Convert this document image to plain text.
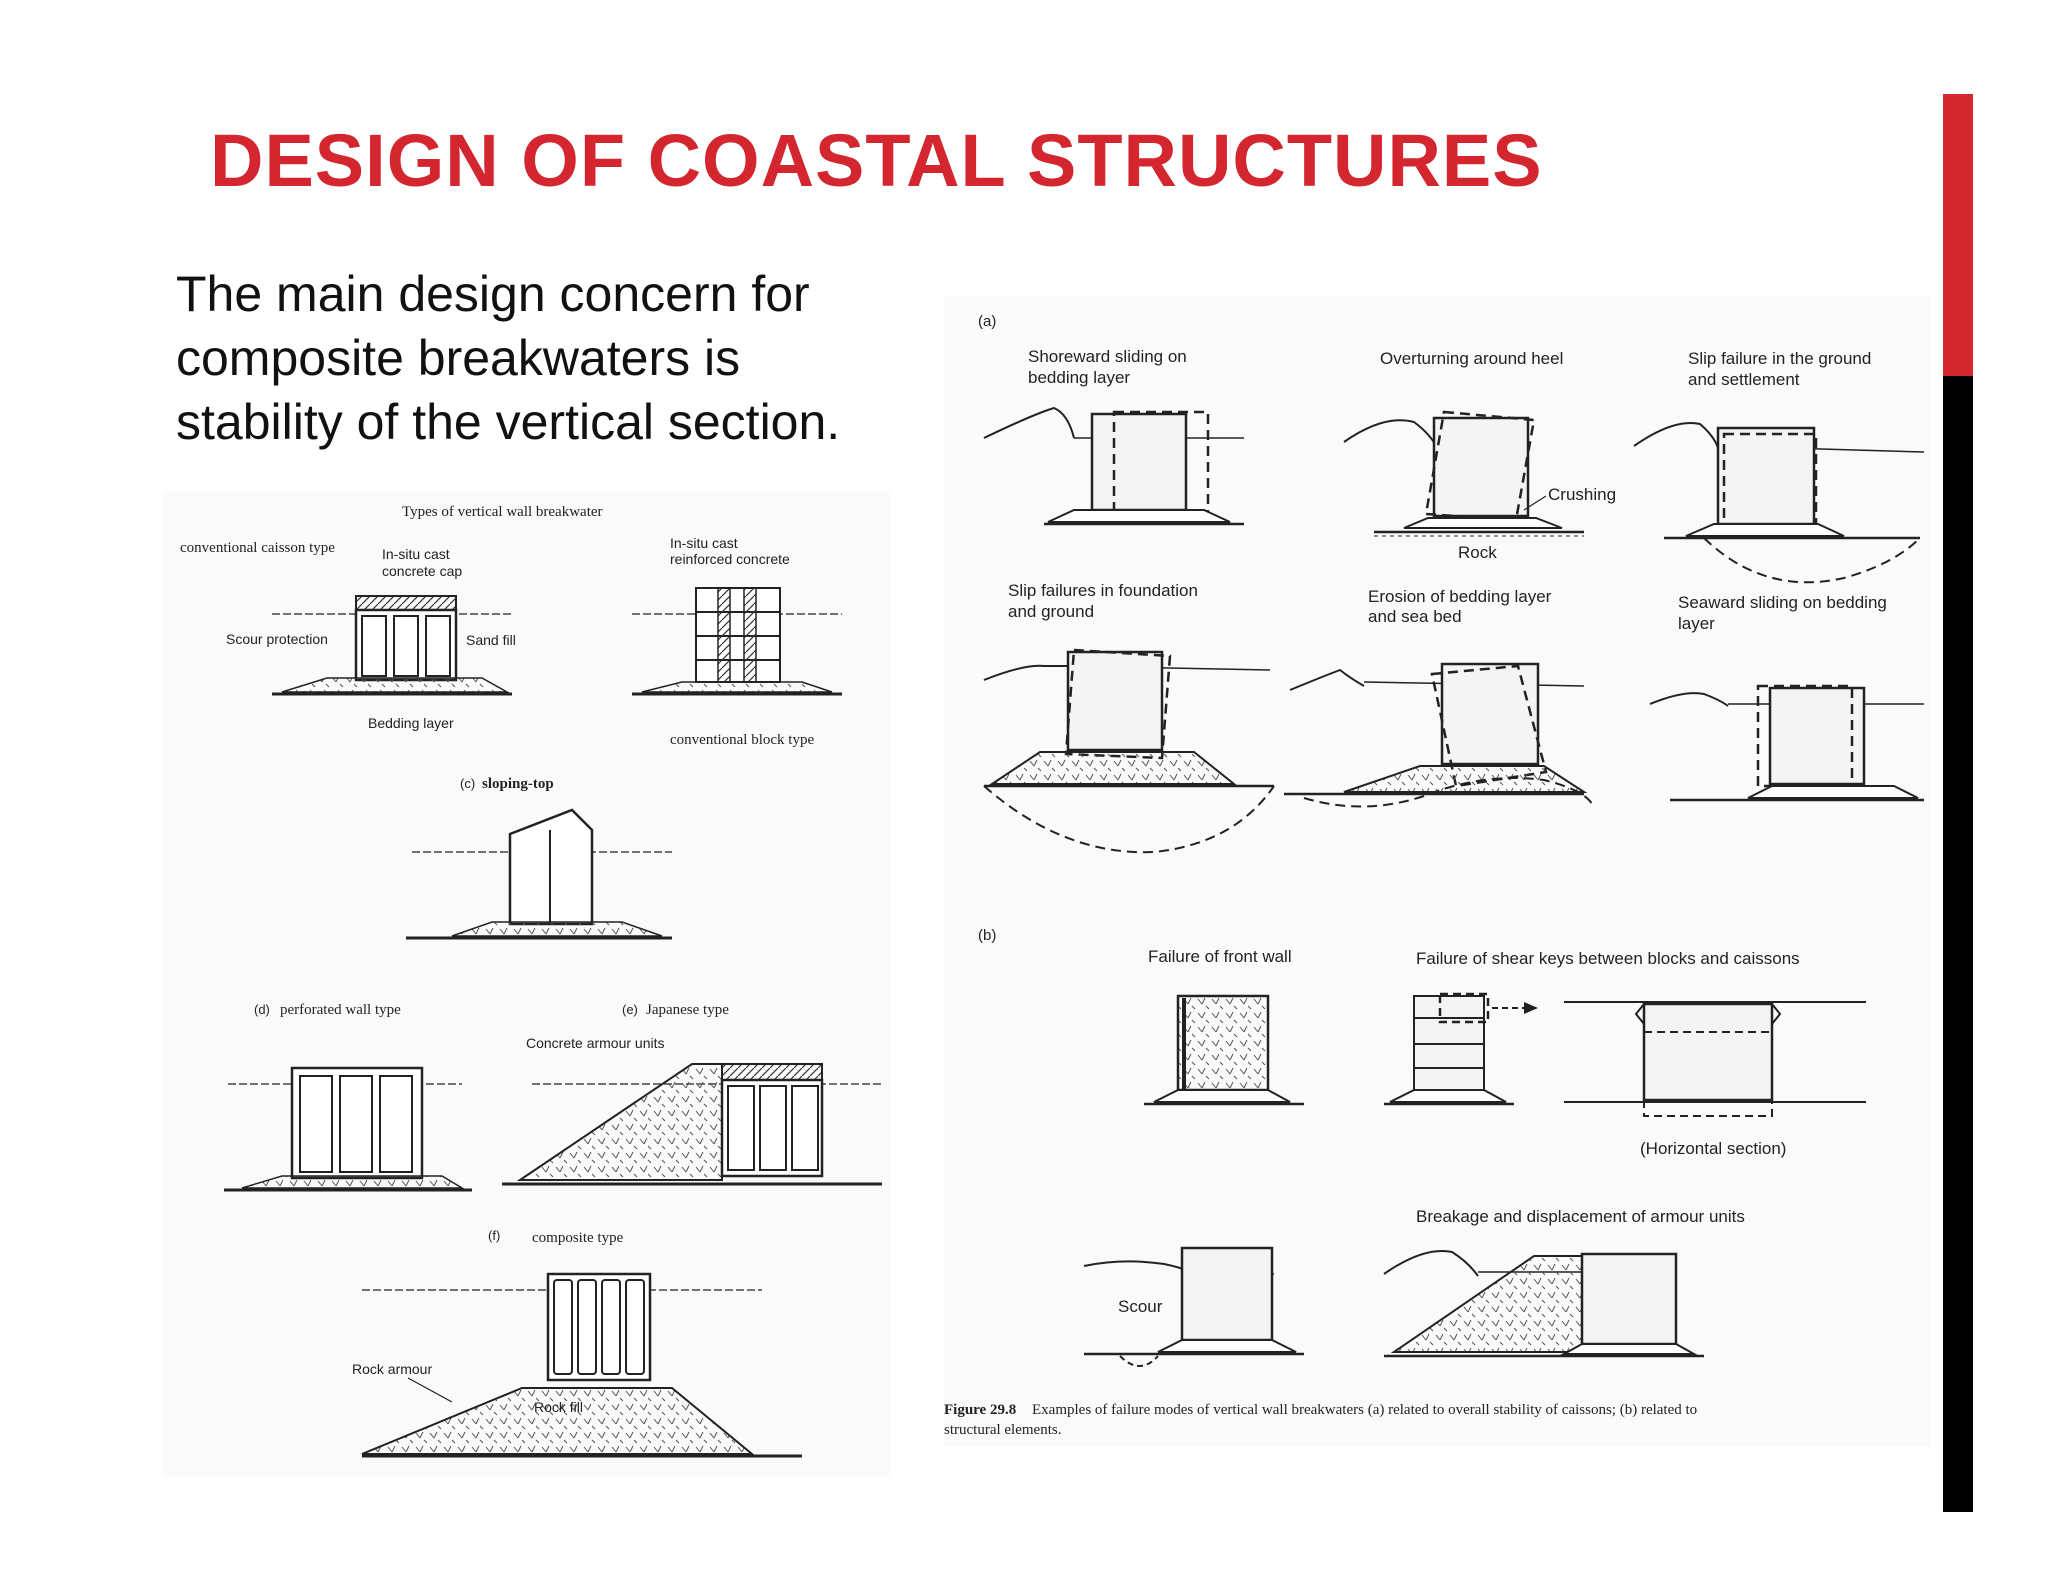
DESIGN OF COASTAL STRUCTURES
The main design concern for
composite breakwaters is
stability of the vertical section.
Types of vertical wall breakwater
conventional caisson type	In-situ cast
concrete cap
Scour protection	Sand fill
Bedding layer
In-situ cast
reinforced concrete
conventional block type
(c) sloping-top
(d) perforated wall type	(e) Japanese type
Concrete armour units
(f) composite type
Rock armour
Rock fill
(a)
Shoreward sliding on
bedding layer
Overturning around heel	Slip failure in the ground
and settlement
Crushing
Rock
Slip failures in foundation
and ground
Erosion of bedding layer
and sea bed
Seaward sliding on bedding
layer
(b)
Failure of front wall	Failure of shear keys between blocks and caissons
(Horizontal section)
Breakage and displacement of armour units
Scour
Figure 29.8 Examples of failure modes of vertical wall breakwaters (a) related to overall stability of caissons; (b) related to
structural elements.
